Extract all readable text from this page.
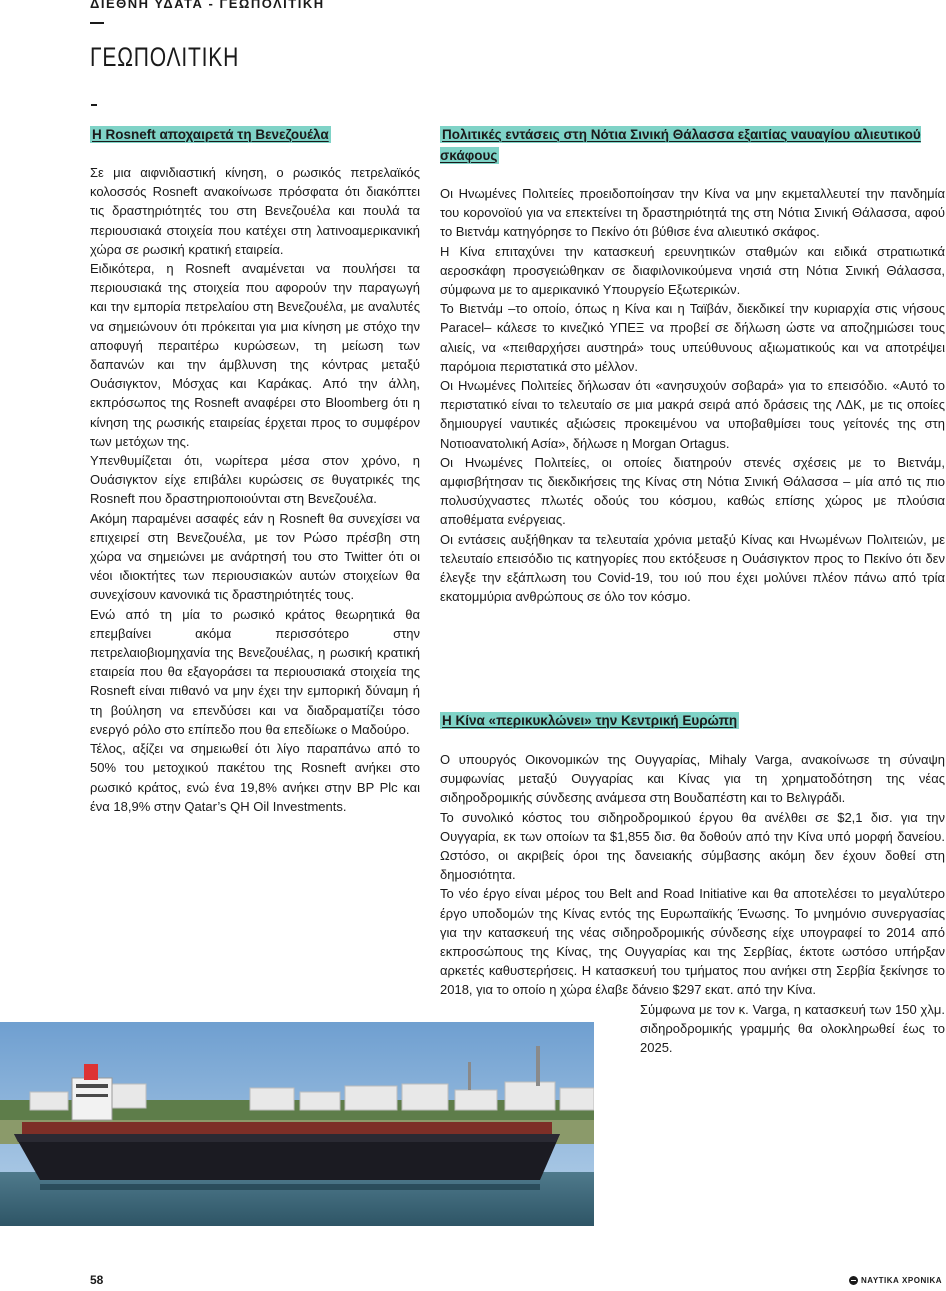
ΔΙΕΘΝΗ ΥΔΑΤΑ - ΓΕΩΠΟΛΙΤΙΚΗ

ΓΕΩΠΟΛΙΤΙΚΗ

Η Rosneft αποχαιρετά τη Βενεζουέλα

Σε μια αιφνιδιαστική κίνηση, ο ρωσικός πετρελαϊκός κολοσσός Rosneft ανακοίνωσε πρόσφατα ότι διακόπτει τις δραστηριότητές του στη Βενεζουέλα και πουλά τα περιουσιακά στοιχεία που κατέχει στη λατινοαμερικανική χώρα σε ρωσική κρατική εταιρεία.

Ειδικότερα, η Rosneft αναμένεται να πουλήσει τα περιουσιακά της στοιχεία που αφορούν την παραγωγή και την εμπορία πετρελαίου στη Βενεζουέλα, με αναλυτές να σημειώνουν ότι πρόκειται για μια κίνηση με στόχο την αποφυγή περαιτέρω κυρώσεων, τη μείωση των δαπανών και την άμβλυνση της κόντρας μεταξύ Ουάσιγκτον, Μόσχας και Καράκας. Από την άλλη, εκπρόσωπος της Rosneft αναφέρει στο Bloomberg ότι η κίνηση της ρωσικής εταιρείας έρχεται προς το συμφέρον των μετόχων της.

Υπενθυμίζεται ότι, νωρίτερα μέσα στον χρόνο, η Ουάσιγκτον είχε επιβάλει κυρώσεις σε θυγατρικές της Rosneft που δραστηριοποιούνται στη Βενεζουέλα.

Ακόμη παραμένει ασαφές εάν η Rosneft θα συνεχίσει να επιχειρεί στη Βενεζουέλα, με τον Ρώσο πρέσβη στη χώρα να σημειώνει με ανάρτησή του στο Twitter ότι οι νέοι ιδιοκτήτες των περιουσιακών αυτών στοιχείων θα συνεχίσουν κανονικά τις δραστηριότητές τους.

Ενώ από τη μία το ρωσικό κράτος θεωρητικά θα επεμβαίνει ακόμα περισσότερο στην πετρελαιοβιομηχανία της Βενεζουέλας, η ρωσική κρατική εταιρεία που θα εξαγοράσει τα περιουσιακά στοιχεία της Rosneft είναι πιθανό να μην έχει την εμπορική δύναμη ή τη βούληση να επενδύσει και να διαδραματίζει τόσο ενεργό ρόλο στο επίπεδο που θα επεδίωκε ο Μαδούρο.

Τέλος, αξίζει να σημειωθεί ότι λίγο παραπάνω από το 50% του μετοχικού πακέτου της Rosneft ανήκει στο ρωσικό κράτος, ενώ ένα 19,8% ανήκει στην BP Plc και ένα 18,9% στην Qatar’s QH Oil Investments.

Πολιτικές εντάσεις στη Νότια Σινική Θάλασσα εξαιτίας ναυαγίου αλιευτικού σκάφους

Οι Ηνωμένες Πολιτείες προειδοποίησαν την Κίνα να μην εκμεταλλευτεί την πανδημία του κορονοϊού για να επεκτείνει τη δραστηριότητά της στη Νότια Σινική Θάλασσα, αφού το Βιετνάμ κατηγόρησε το Πεκίνο ότι βύθισε ένα αλιευτικό σκάφος.

Η Κίνα επιταχύνει την κατασκευή ερευνητικών σταθμών και ειδικά στρατιωτικά αεροσκάφη προσγειώθηκαν σε διαφιλονικούμενα νησιά στη Νότια Σινική Θάλασσα, σύμφωνα με το αμερικανικό Υπουργείο Εξωτερικών.

Το Βιετνάμ –το οποίο, όπως η Κίνα και η Ταϊβάν, διεκδικεί την κυριαρχία στις νήσους Paracel– κάλεσε το κινεζικό ΥΠΕΞ να προβεί σε δήλωση ώστε να αποζημιώσει τους αλιείς, να «πειθαρχήσει αυστηρά» τους υπεύθυνους αξιωματικούς και να αποτρέψει παρόμοια περιστατικά στο μέλλον.

Οι Ηνωμένες Πολιτείες δήλωσαν ότι «ανησυχούν σοβαρά» για το επεισόδιο. «Αυτό το περιστατικό είναι το τελευταίο σε μια μακρά σειρά από δράσεις της ΛΔΚ, με τις οποίες δημιουργεί ναυτικές αξιώσεις προκειμένου να υποβαθμίσει τους γείτονές της στη Νοτιοανατολική Ασία», δήλωσε η Morgan Ortagus.

Οι Ηνωμένες Πολιτείες, οι οποίες διατηρούν στενές σχέσεις με το Βιετνάμ, αμφισβήτησαν τις διεκδικήσεις της Κίνας στη Νότια Σινική Θάλασσα – μία από τις πιο πολυσύχναστες πλωτές οδούς του κόσμου, καθώς επίσης χώρος με πλούσια αποθέματα ενέργειας.

Οι εντάσεις αυξήθηκαν τα τελευταία χρόνια μεταξύ Κίνας και Ηνωμένων Πολιτειών, με τελευταίο επεισόδιο τις κατηγορίες που εκτόξευσε η Ουάσιγκτον προς το Πεκίνο ότι δεν έλεγξε την εξάπλωση του Covid-19, του ιού που έχει μολύνει πλέον πάνω από τρία εκατομμύρια ανθρώπους σε όλο τον κόσμο.

Η Κίνα «περικυκλώνει» την Κεντρική Ευρώπη

Ο υπουργός Οικονομικών της Ουγγαρίας, Mihaly Varga, ανακοίνωσε τη σύναψη συμφωνίας μεταξύ Ουγγαρίας και Κίνας για τη χρηματοδότηση της νέας σιδηροδρομικής σύνδεσης ανάμεσα στη Βουδαπέστη και το Βελιγράδι.

Το συνολικό κόστος του σιδηροδρομικού έργου θα ανέλθει σε $2,1 δισ. για την Ουγγαρία, εκ των οποίων τα $1,855 δισ. θα δοθούν από την Κίνα υπό μορφή δανείου. Ωστόσο, οι ακριβείς όροι της δανειακής σύμβασης ακόμη δεν έχουν δοθεί στη δημοσιότητα.

Το νέο έργο είναι μέρος του Belt and Road Initiative και θα αποτελέσει το μεγαλύτερο έργο υποδομών της Κίνας εντός της Ευρωπαϊκής Ένωσης. Το μνημόνιο συνεργασίας για την κατασκευή της νέας σιδηροδρομικής σύνδεσης είχε υπογραφεί το 2014 από εκπροσώπους της Κίνας, της Ουγγαρίας και της Σερβίας, έκτοτε ωστόσο υπήρξαν αρκετές καθυστερήσεις. Η κατασκευή του τμήματος που ανήκει στη Σερβία ξεκίνησε το 2018, για το οποίο η χώρα έλαβε δάνειο $297 εκατ. από την Κίνα.

Σύμφωνα με τον κ. Varga, η κατασκευή των 150 χλμ. σιδηροδρομικής γραμμής θα ολοκληρωθεί έως το 2025.

58	ΝΑΥΤΙΚΑ ΧΡΟΝΙΚΑ
